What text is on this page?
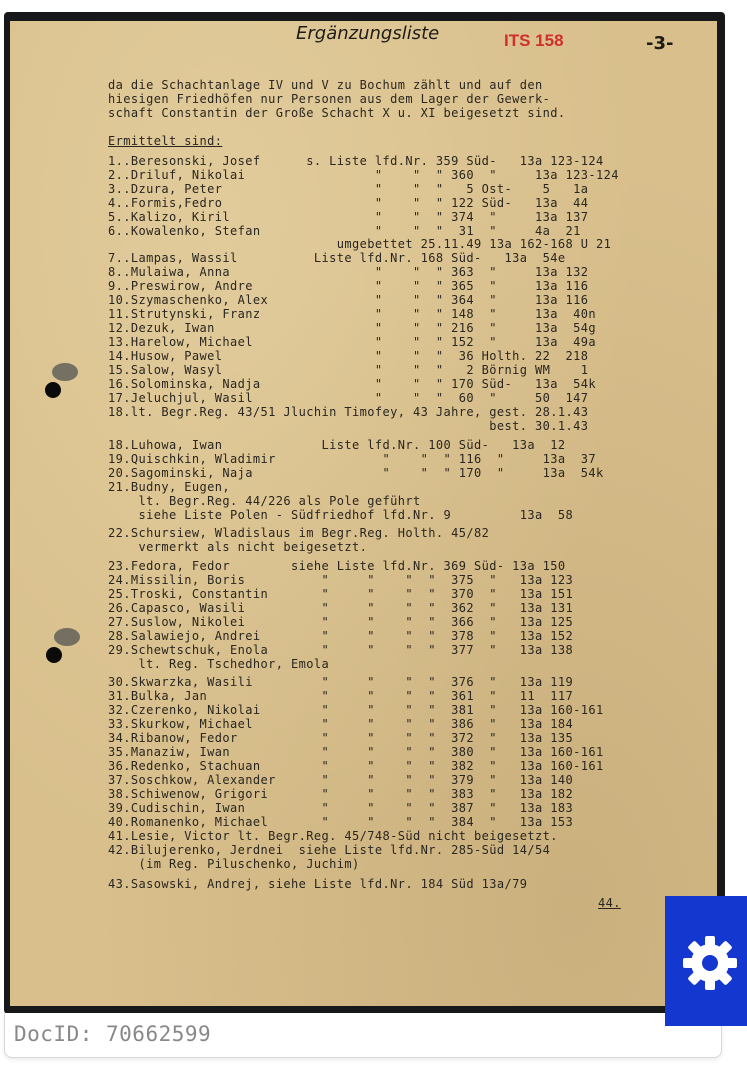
Ergänzungsliste	ITS 158	-3-
da die Schachtanlage IV und V zu Bochum zählt und auf den
hiesigen Friedhöfen nur Personen aus dem Lager der Gewerk-
schaft Constantin der Große Schacht X u. XI beigesetzt sind.
Ermittelt sind:
1..Beresonski, Josef      s. Liste lfd.Nr. 359 Süd-   13a 123-124
2..Driluf, Nikolai                 "    "  " 360  "     13a 123-124
3..Dzura, Peter                    "    "  "   5 Ost-    5   1a
4..Formis,Fedro                    "    "  " 122 Süd-   13a  44
5..Kalizo, Kiril                   "    "  " 374  "     13a 137
6..Kowalenko, Stefan               "    "  "  31  "     4a  21
umgebettet 25.11.49 13a 162-168 U 21
7..Lampas, Wassil          Liste lfd.Nr. 168 Süd-   13a  54e
8..Mulaiwa, Anna                   "    "  " 363  "     13a 132
9..Preswirow, Andre                "    "  " 365  "     13a 116
10.Szymaschenko, Alex              "    "  " 364  "     13a 116
11.Strutynski, Franz               "    "  " 148  "     13a  40n
12.Dezuk, Iwan                     "    "  " 216  "     13a  54g
13.Harelow, Michael                "    "  " 152  "     13a  49a
14.Husow, Pawel                    "    "  "  36 Holth. 22  218
15.Salow, Wasyl                    "    "  "   2 Börnig WM    1
16.Solominska, Nadja               "    "  " 170 Süd-   13a  54k
17.Jeluchjul, Wasil                "    "  "  60  "     50  147
18.lt. Begr.Reg. 43/51 Jluchin Timofey, 43 Jahre, gest. 28.1.43
best. 30.1.43
18.Luhowa, Iwan             Liste lfd.Nr. 100 Süd-   13a  12
19.Quischkin, Wladimir              "    "  " 116  "     13a  37
20.Sagominski, Naja                 "    "  " 170  "     13a  54k
21.Budny, Eugen,
lt. Begr.Reg. 44/226 als Pole geführt
siehe Liste Polen - Südfriedhof lfd.Nr. 9         13a  58
22.Schursiew, Wladislaus im Begr.Reg. Holth. 45/82
vermerkt als nicht beigesetzt.
23.Fedora, Fedor        siehe Liste lfd.Nr. 369 Süd- 13a 150
24.Missilin, Boris          "     "    "  "  375  "   13a 123
25.Troski, Constantin       "     "    "  "  370  "   13a 151
26.Capasco, Wasili          "     "    "  "  362  "   13a 131
27.Suslow, Nikolei          "     "    "  "  366  "   13a 125
28.Salawiejo, Andrei        "     "    "  "  378  "   13a 152
29.Schewtschuk, Enola       "     "    "  "  377  "   13a 138
lt. Reg. Tschedhor, Emola
30.Skwarzka, Wasili         "     "    "  "  376  "   13a 119
31.Bulka, Jan               "     "    "  "  361  "   11  117
32.Czerenko, Nikolai        "     "    "  "  381  "   13a 160-161
33.Skurkow, Michael         "     "    "  "  386  "   13a 184
34.Ribanow, Fedor           "     "    "  "  372  "   13a 135
35.Manaziw, Iwan            "     "    "  "  380  "   13a 160-161
36.Redenko, Stachuan        "     "    "  "  382  "   13a 160-161
37.Soschkow, Alexander      "     "    "  "  379  "   13a 140
38.Schiwenow, Grigori       "     "    "  "  383  "   13a 182
39.Cudischin, Iwan          "     "    "  "  387  "   13a 183
40.Romanenko, Michael       "     "    "  "  384  "   13a 153
41.Lesie, Victor lt. Begr.Reg. 45/748-Süd nicht beigesetzt.
42.Bilujerenko, Jerdnei  siehe Liste lfd.Nr. 285-Süd 14/54
(im Reg. Piluschenko, Juchim)
43.Sasowski, Andrej, siehe Liste lfd.Nr. 184 Süd 13a/79
44.
DocID: 70662599
